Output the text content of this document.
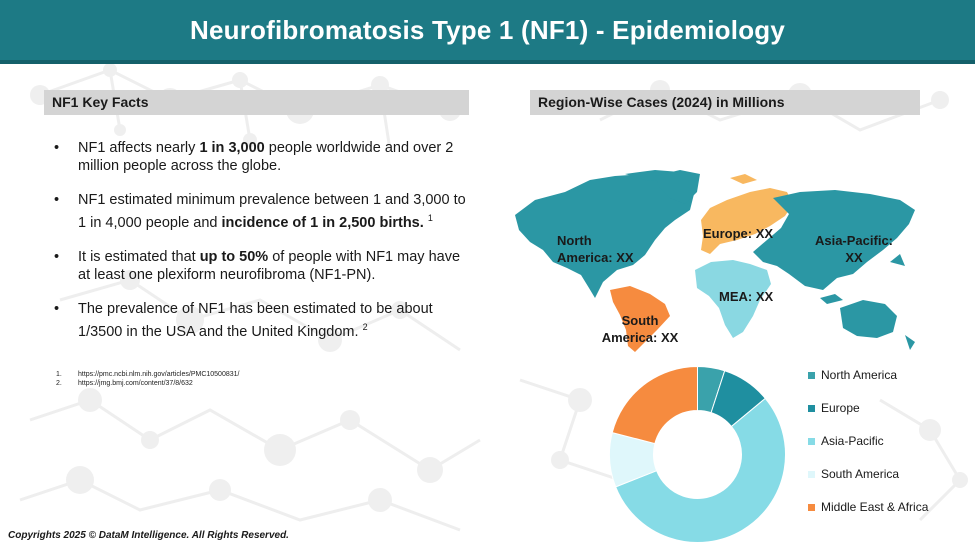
Neurofibromatosis Type 1 (NF1) - Epidemiology
NF1 Key Facts
• NF1 affects nearly 1 in 3,000 people worldwide and over 2 million people across the globe.
• NF1 estimated minimum prevalence between 1 and 3,000 to 1 in 4,000 people and incidence of 1 in 2,500 births. $^1$
• It is estimated that up to 50% of people with NF1 may have at least one plexiform neurofibroma (NF1-PN).
• The prevalence of NF1 has been estimated to be about 1/3500 in the USA and the United Kingdom. $^2$
1.	https://pmc.ncbi.nlm.nih.gov/articles/PMC10500831/
2.	https://jmg.bmj.com/content/37/8/632
Region-Wise Cases (2024) in Millions
North
America: XX
Europe: XX	Asia-Pacific:
XX
MEA: XX
South
America: XX
North America
Europe
Asia-Pacific
South America
Middle East & Africa
Copyrights 2025 © DataM Intelligence. All Rights Reserved.
